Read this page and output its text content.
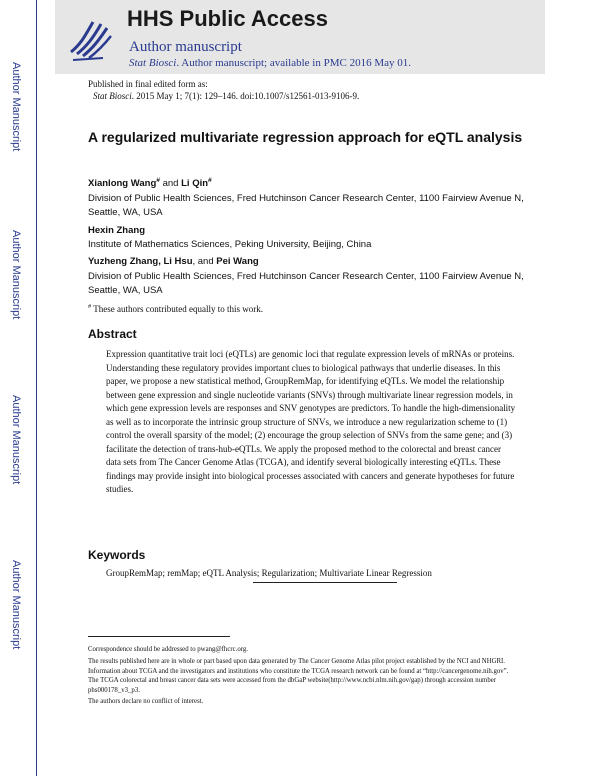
HHS Public Access
Author manuscript
Stat Biosci. Author manuscript; available in PMC 2016 May 01.
Author Manuscript
Author Manuscript
Author Manuscript
Author Manuscript
Published in final edited form as:
Stat Biosci. 2015 May 1; 7(1): 129–146. doi:10.1007/s12561-013-9106-9.
A regularized multivariate regression approach for eQTL analysis
Xianlong Wang# and Li Qin#
Division of Public Health Sciences, Fred Hutchinson Cancer Research Center, 1100 Fairview Avenue N, Seattle, WA, USA
Hexin Zhang
Institute of Mathematics Sciences, Peking University, Beijing, China
Yuzheng Zhang, Li Hsu, and Pei Wang
Division of Public Health Sciences, Fred Hutchinson Cancer Research Center, 1100 Fairview Avenue N, Seattle, WA, USA
# These authors contributed equally to this work.
Abstract
Expression quantitative trait loci (eQTLs) are genomic loci that regulate expression levels of mRNAs or proteins. Understanding these regulatory provides important clues to biological pathways that underlie diseases. In this paper, we propose a new statistical method, GroupRemMap, for identifying eQTLs. We model the relationship between gene expression and single nucleotide variants (SNVs) through multivariate linear regression models, in which gene expression levels are responses and SNV genotypes are predictors. To handle the high-dimensionality as well as to incorporate the intrinsic group structure of SNVs, we introduce a new regularization scheme to (1) control the overall sparsity of the model; (2) encourage the group selection of SNVs from the same gene; and (3) facilitate the detection of trans-hub-eQTLs. We apply the proposed method to the colorectal and breast cancer data sets from The Cancer Genome Atlas (TCGA), and identify several biologically interesting eQTLs. These findings may provide insight into biological processes associated with cancers and generate hypotheses for future studies.
Keywords
GroupRemMap; remMap; eQTL Analysis; Regularization; Multivariate Linear Regression
Correspondence should be addressed to pwang@fhcrc.org.
The results published here are in whole or part based upon data generated by The Cancer Genome Atlas pilot project established by the NCI and NHGRI. Information about TCGA and the investigators and institutions who constitute the TCGA research network can be found at “http://cancergenome.nih.gov”. The TCGA colorectal and breast cancer data sets were accessed from the dbGaP website(http://www.ncbi.nlm.nih.gov/gap) through accession number phs000178_v3_p3.
The authors declare no conflict of interest.
